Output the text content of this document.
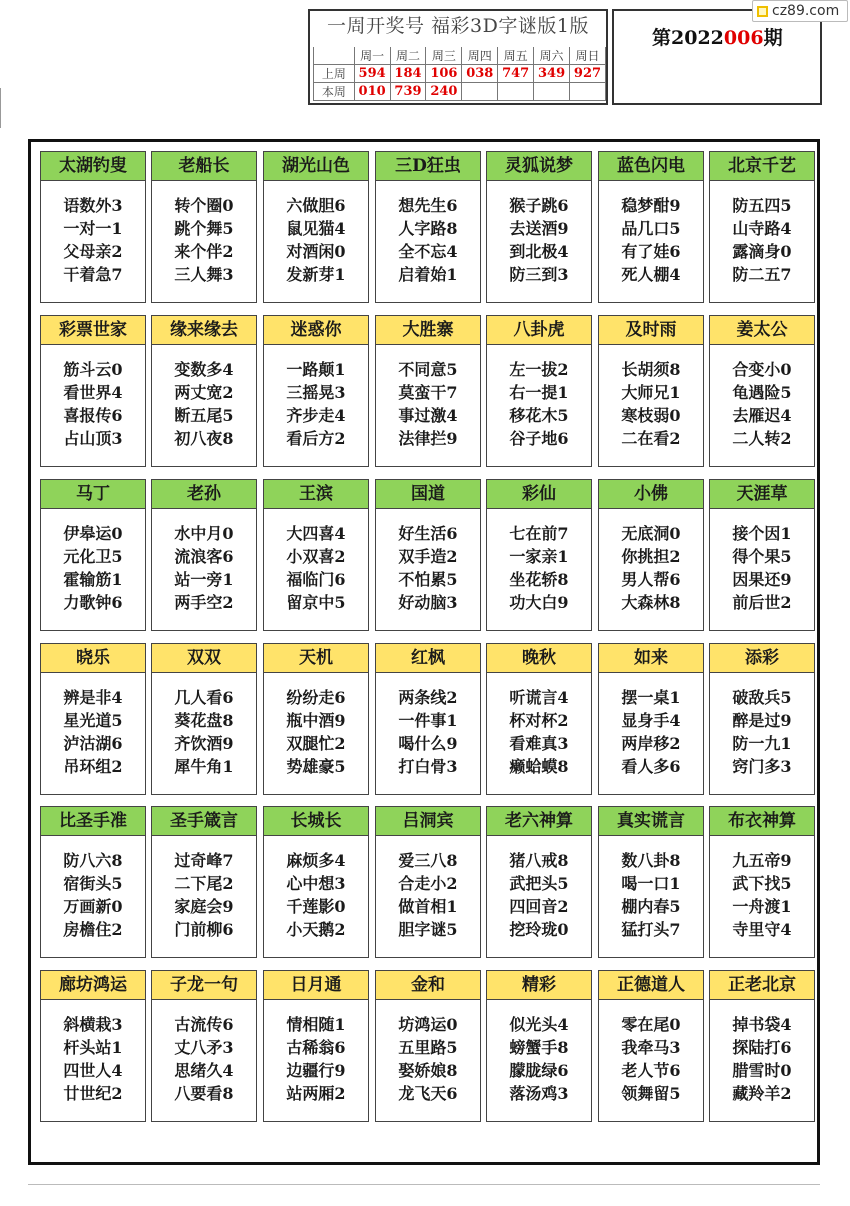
一周开奖号 福彩3D字谜版1版
	周一	周二	周三	周四	周五	周六	周日
上周	594	184	106	038	747	349	927
本周	010	739	240				
第2022006期
cz89.com
太湖钓叟
语数外3
一对一1
父母亲2
干着急7
老船长
转个圈0
跳个舞5
来个伴2
三人舞3
湖光山色
六做胆6
鼠见猫4
对酒闲0
发新芽1
三D狂虫
想先生6
人字路8
全不忘4
启着始1
灵狐说梦
猴子跳6
去送酒9
到北极4
防三到3
蓝色闪电
稳梦酣9
品几口5
有了娃6
死人棚4
北京千艺
防五四5
山寺路4
露滴身0
防二五7
彩票世家
筋斗云0
看世界4
喜报传6
占山顶3
缘来缘去
变数多4
两丈宽2
断五尾5
初八夜8
迷惑你
一路颠1
三摇晃3
齐步走4
看后方2
大胜寨
不同意5
莫蛮干7
事过激4
法律拦9
八卦虎
左一拔2
右一提1
移花木5
谷子地6
及时雨
长胡须8
大师兄1
寒枝弱0
二在看2
姜太公
合变小0
龟遇险5
去雁迟4
二人转2
马丁
伊皋运0
元化卫5
霍输筋1
力歌钟6
老孙
水中月0
流浪客6
站一旁1
两手空2
王滨
大四喜4
小双喜2
福临门6
留京中5
国道
好生活6
双手造2
不怕累5
好动脑3
彩仙
七在前7
一家亲1
坐花轿8
功大白9
小佛
无底洞0
你挑担2
男人帮6
大森林8
天涯草
接个因1
得个果5
因果还9
前后世2
晓乐
辨是非4
星光道5
泸沽湖6
吊环组2
双双
几人看6
葵花盘8
齐饮酒9
犀牛角1
天机
纷纷走6
瓶中酒9
双腿忙2
势雄豪5
红枫
两条线2
一件事1
喝什么9
打白骨3
晚秋
听谎言4
杯对杯2
看难真3
癞蛤蟆8
如来
摆一桌1
显身手4
两岸移2
看人多6
添彩
破敌兵5
醉是过9
防一九1
窍门多3
比圣手准
防八六8
宿街头5
万画新0
房檐住2
圣手箴言
过奇峰7
二下尾2
家庭会9
门前柳6
长城长
麻烦多4
心中想3
千莲影0
小天鹅2
吕洞宾
爱三八8
合走小2
做首相1
胆字谜5
老六神算
猪八戒8
武把头5
四回音2
挖玲珑0
真实谎言
数八卦8
喝一口1
棚内春5
猛打头7
布衣神算
九五帝9
武下找5
一舟渡1
寺里守4
廊坊鸿运
斜横栽3
杆头站1
四世人4
廿世纪2
子龙一句
古流传6
丈八矛3
思绪久4
八要看8
日月通
情相随1
古稀翁6
边疆行9
站两厢2
金和
坊鸿运0
五里路5
娶娇娘8
龙飞天6
精彩
似光头4
螃蟹手8
朦胧绿6
落汤鸡3
正德道人
零在尾0
我牵马3
老人节6
领舞留5
正老北京
掉书袋4
探陆打6
腊雪时0
藏羚羊2
